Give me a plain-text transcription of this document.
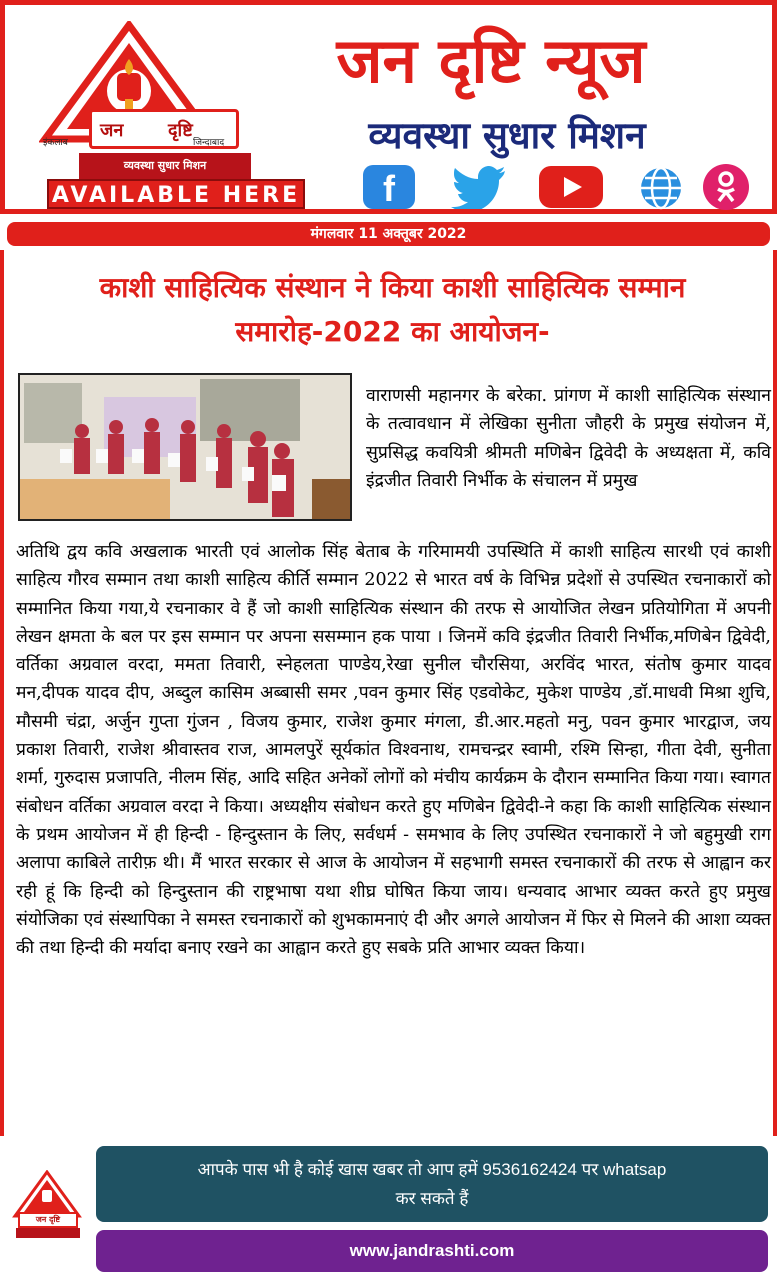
जन दृष्टि
इंकलाब	जिन्दाबाद
व्यवस्था सुधार मिशन
जन दृष्टि न्यूज
व्यवस्था सुधार मिशन
AVAILABLE HERE	f
मंगलवार 11 अक्तूबर 2022
काशी साहित्यिक संस्थान ने किया काशी साहित्यिक सम्मान समारोह-2022 का आयोजन-

वाराणसी महानगर के बरेका. प्रांगण में काशी साहित्यिक संस्थान के तत्वावधान में लेखिका सुनीता जौहरी के प्रमुख संयोजन में, सुप्रसिद्ध कवयित्री श्रीमती मणिबेन द्विवेदी के अध्यक्षता में, कवि इंद्रजीत तिवारी निर्भीक के संचालन में प्रमुख

अतिथि द्वय कवि अखलाक भारती एवं आलोक सिंह बेताब के गरिमामयी उपस्थिति में काशी साहित्य सारथी एवं काशी साहित्य गौरव सम्मान तथा काशी साहित्य कीर्ति सम्मान 2022 से भारत वर्ष के विभिन्न प्रदेशों से उपस्थित रचनाकारों को सम्मानित किया गया,ये रचनाकार वे हैं जो काशी साहित्यिक संस्थान की तरफ से आयोजित लेखन प्रतियोगिता में अपनी लेखन क्षमता के बल पर इस सम्मान पर अपना ससम्मान हक पाया । जिनमें कवि इंद्रजीत तिवारी निर्भीक,मणिबेन द्विवेदी, वर्तिका अग्रवाल वरदा, ममता तिवारी, स्नेहलता पाण्डेय,रेखा सुनील चौरसिया, अरविंद भारत, संतोष कुमार यादव मन,दीपक यादव दीप, अब्दुल कासिम अब्बासी समर ,पवन कुमार सिंह एडवोकेट, मुकेश पाण्डेय ,डॉ.माधवी मिश्रा शुचि, मौसमी चंद्रा, अर्जुन गुप्ता गुंजन , विजय कुमार, राजेश कुमार मंगला, डी.आर.महतो मनु, पवन कुमार भारद्वाज, जय प्रकाश तिवारी, राजेश श्रीवास्तव राज, आमलपुरें सूर्यकांत विश्वनाथ, रामचन्द्रर स्वामी, रश्मि सिन्हा, गीता देवी, सुनीता शर्मा, गुरुदास प्रजापति, नीलम सिंह, आदि सहित अनेकों लोगों को मंचीय कार्यक्रम के दौरान सम्मानित किया गया। स्वागत संबोधन वर्तिका अग्रवाल वरदा ने किया। अध्यक्षीय संबोधन करते हुए मणिबेन द्विवेदी-ने कहा कि काशी साहित्यिक संस्थान के प्रथम आयोजन में ही हिन्दी - हिन्दुस्तान के लिए, सर्वधर्म - समभाव के लिए उपस्थित रचनाकारों ने जो बहुमुखी राग अलापा काबिले तारीफ़ थी। मैं भारत सरकार से आज के आयोजन में सहभागी समस्त रचनाकारों की तरफ से आह्वान कर रही हूं कि हिन्दी को हिन्दुस्तान की राष्ट्रभाषा यथा शीघ्र घोषित किया जाय। धन्यवाद आभार व्यक्त करते हुए प्रमुख संयोजिका एवं संस्थापिका ने समस्त रचनाकारों को शुभकामनाएं दी और अगले आयोजन में फिर से मिलने की आशा व्यक्त की तथा हिन्दी की मर्यादा बनाए रखने का आह्वान करते हुए सबके प्रति आभार व्यक्त किया।

जन दृष्टि
आपके पास भी है कोई खास खबर तो आप हमें 9536162424 पर whatsap
कर सकते हैं
www.jandrashti.com
